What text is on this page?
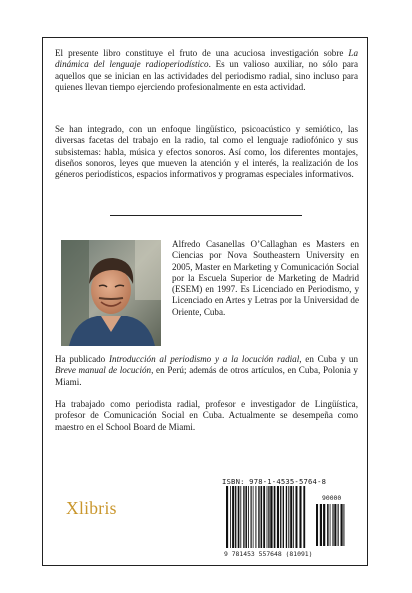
El presente libro constituye el fruto de una acuciosa investigación sobre La dinámica del lenguaje radioperiodístico. Es un valioso auxiliar, no sólo para aquellos que se inician en las actividades del periodismo radial, sino incluso para quienes llevan tiempo ejerciendo profesionalmente en esta actividad.

Se han integrado, con un enfoque lingüístico, psicoacústico y semiótico, las diversas facetas del trabajo en la radio, tal como el lenguaje radiofónico y sus subsistemas: habla, música y efectos sonoros. Así como, los diferentes montajes, diseños sonoros, leyes que mueven la atención y el interés, la realización de los géneros periodísticos, espacios informativos y programas especiales informativos.

Alfredo Casanellas O’Callaghan es Masters en Ciencias por Nova Southeastern University en 2005, Master en Marketing y Comunicación Social por la Escuela Superior de Marketing de Madrid (ESEM) en 1997. Es Licenciado en Periodismo, y Licenciado en Artes y Letras por la Universidad de Oriente, Cuba.

Ha publicado Introducción al periodismo y a la locución radial, en Cuba y un Breve manual de locución, en Perú; además de otros artículos, en Cuba, Polonia y Miami.

Ha trabajado como periodista radial, profesor e investigador de Lingüística, profesor de Comunicación Social en Cuba. Actualmente se desempeña como maestro en el School Board de Miami.

Xlibris
ISBN: 978-1-4535-5764-8
90000
9 781453 557648 (81091)
